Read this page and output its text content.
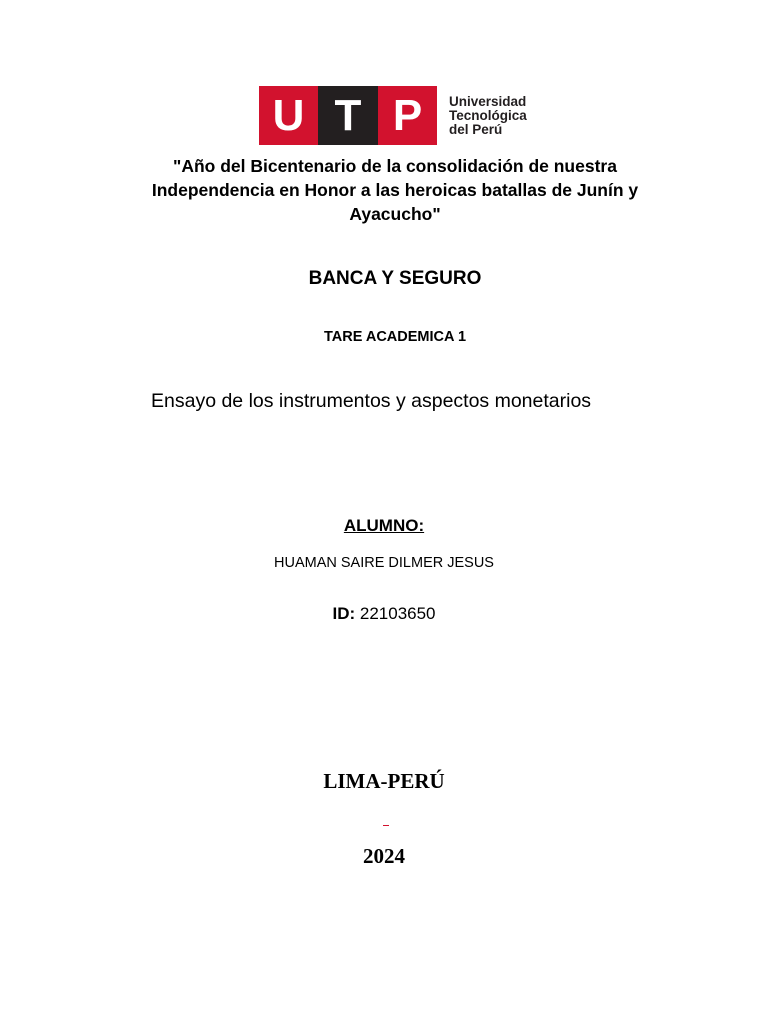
U T P	Universidad
Tecnológica
del Perú
"Año del Bicentenario de la consolidación de nuestra Independencia en Honor a las heroicas batallas de Junín y Ayacucho"
BANCA Y SEGURO
TARE ACADEMICA 1
Ensayo de los instrumentos y aspectos monetarios
ALUMNO:
HUAMAN SAIRE DILMER JESUS
ID: 22103650
LIMA-PERÚ
2024
